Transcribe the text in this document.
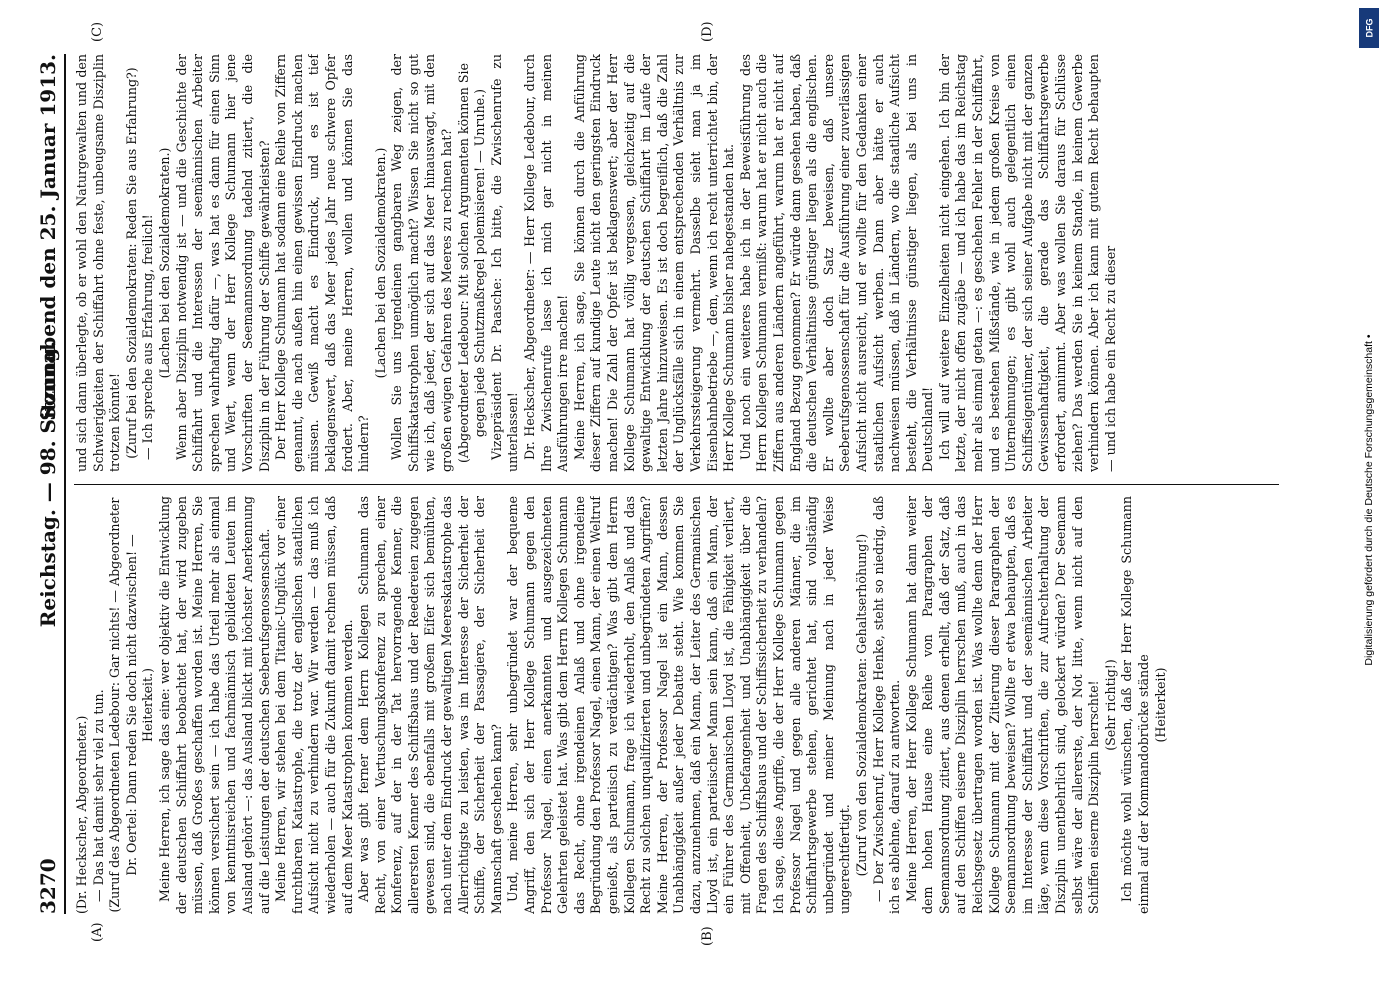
3270
Reichstag. — 98. Sitzung.
Sonnabend den 25. Januar 1913.
(A)	(B)
(C)	(D)

(Dr. Heckscher, Abgeordneter.) — Das hat damit sehr viel zu tun. (Zuruf des Abgeordneten Ledebour: Gar nichts! — Abgeordneter Dr. Oertel: Dann reden Sie doch nicht dazwischen! — Heiterkeit.) Meine Herren, ich sage das eine: wer objektiv die Entwicklung der deutschen Schiffahrt beobachtet hat, der wird zugeben müssen, daß Großes geschaffen worden ist. Meine Herren, Sie können versichert sein — ich habe das Urteil mehr als einmal von kenntnisreichen und fachmännisch gebildeten Leuten im Ausland gehört —: das Ausland blickt mit höchster Anerkennung auf die Leistungen der deutschen Seeberufsgenossenschaft. Meine Herren, wir stehen bei dem Titanic-Unglück vor einer furchtbaren Katastrophe, die trotz der englischen staatlichen Aufsicht nicht zu verhindern war. Wir werden — das muß ich wiederholen — auch für die Zukunft damit rechnen müssen, daß auf dem Meer Katastrophen kommen werden. Aber was gibt ferner dem Herrn Kollegen Schumann das Recht, von einer Vertuschungskonferenz zu sprechen, einer Konferenz, auf der in der Tat hervorragende Kenner, die allerersten Kenner des Schiffsbaus und der Reedereien zugegen gewesen sind, die ebenfalls mit großem Eifer sich bemühten, nach unter dem Eindruck der gewaltigen Meereskatastrophe das Allerrichtigste zu leisten, was im Interesse der Sicherheit der Schiffe, der Sicherheit der Passagiere, der Sicherheit der Mannschaft geschehen kann? Und, meine Herren, sehr unbegründet war der bequeme Angriff, den sich der Herr Kollege Schumann gegen den Professor Nagel, einen anerkannten und ausgezeichneten Gelehrten geleistet hat. Was gibt dem Herrn Kollegen Schumann das Recht, ohne irgendeinen Anlaß und ohne irgendeine Begründung den Professor Nagel, einen Mann, der einen Weltruf genießt, als parteiisch zu verdächtigen? Was gibt dem Herrn Kollegen Schumann, frage ich wiederholt, den Anlaß und das Recht zu solchen unqualifizierten und unbegründeten Angriffen? Meine Herren, der Professor Nagel ist ein Mann, dessen Unabhängigkeit außer jeder Debatte steht. Wie kommen Sie dazu, anzunehmen, daß ein Mann, der Leiter des Germanischen Lloyd ist, ein parteiischer Mann sein kann, daß ein Mann, der ein Führer des Germanischen Lloyd ist, die Fähigkeit verliert, mit Offenheit, Unbefangenheit und Unabhängigkeit über die Fragen des Schiffsbaus und der Schiffssicherheit zu verhandeln? Ich sage, diese Angriffe, die der Herr Kollege Schumann gegen Professor Nagel und gegen alle anderen Männer, die im Schiffahrtsgewerbe stehen, gerichtet hat, sind vollständig unbegründet und meiner Meinung nach in jeder Weise ungerechtfertigt. (Zuruf von den Sozialdemokraten: Gehaltserhöhung!) — Der Zwischenruf, Herr Kollege Henke, steht so niedrig, daß ich es ablehne, darauf zu antworten. Meine Herren, der Herr Kollege Schumann hat dann weiter dem hohen Hause eine Reihe von Paragraphen der Seemannsordnung zitiert, aus denen erhellt, daß der Satz, daß auf den Schiffen eiserne Disziplin herrschen muß, auch in das Reichsgesetz übertragen worden ist. Was wollte denn der Herr Kollege Schumann mit der Zitierung dieser Paragraphen der Seemannsordnung beweisen? Wollte er etwa behaupten, daß es im Interesse der Schiffahrt und der seemännischen Arbeiter läge, wenn diese Vorschriften, die zur Aufrechterhaltung der Disziplin unentbehrlich sind, gelockert würden? Der Seemann selbst wäre der allererste, der Not litte, wenn nicht auf den Schiffen eiserne Disziplin herrschte! (Sehr richtig!) Ich möchte wohl wünschen, daß der Herr Kollege Schumann einmal auf der Kommandobrücke stände (Heiterkeit)

und sich dann überlegte, ob er wohl den Naturgewalten und den Schwierigkeiten der Schiffahrt ohne feste, unbeugsame Disziplin trotzen könnte! (Zuruf bei den Sozialdemokraten: Reden Sie aus Erfahrung?) — Ich spreche aus Erfahrung, freilich! (Lachen bei den Sozialdemokraten.) Wenn aber Disziplin notwendig ist — und die Geschichte der Schiffahrt und die Interessen der seemännischen Arbeiter sprechen wahrhaftig dafür —, was hat es dann für einen Sinn und Wert, wenn der Herr Kollege Schumann hier jene Vorschriften der Seemannsordnung tadelnd zitiert, die die Disziplin in der Führung der Schiffe gewährleisten? Der Herr Kollege Schumann hat sodann eine Reihe von Ziffern genannt, die nach außen hin einen gewissen Eindruck machen müssen. Gewiß macht es Eindruck, und es ist tief beklagenswert, daß das Meer jedes Jahr neue schwere Opfer fordert. Aber, meine Herren, wollen und können Sie das hindern?

(Lachen bei den Sozialdemokraten.) Wollen Sie uns irgendeinen gangbaren Weg zeigen, der Schiffskatastrophen unmöglich macht? Wissen Sie nicht so gut wie ich, daß jeder, der sich auf das Meer hinauswagt, mit den großen ewigen Gefahren des Meeres zu rechnen hat? (Abgeordneter Ledebour: Mit solchen Argumenten können Sie gegen jede Schutzmaßregel polemisieren! — Unruhe.) Vizepräsident Dr. Paasche: Ich bitte, die Zwischenrufe zu unterlassen! Dr. Heckscher, Abgeordneter: — Herr Kollege Ledebour, durch Ihre Zwischenrufe lasse ich mich gar nicht in meinen Ausführungen irre machen! Meine Herren, ich sage, Sie können durch die Anführung dieser Ziffern auf kundige Leute nicht den geringsten Eindruck machen! Die Zahl der Opfer ist beklagenswert; aber der Herr Kollege Schumann hat völlig vergessen, gleichzeitig auf die gewaltige Entwicklung der deutschen Schiffahrt im Laufe der letzten Jahre hinzuweisen. Es ist doch begreiflich, daß die Zahl der Unglücksfälle sich in einem entsprechenden Verhältnis zur Verkehrssteigerung vermehrt. Dasselbe sieht man ja im Eisenbahnbetriebe —, dem, wenn ich recht unterrichtet bin, der Herr Kollege Schumann bisher nahegestanden hat. Und noch ein weiteres habe ich in der Beweisführung des Herrn Kollegen Schumann vermißt: warum hat er nicht auch die Ziffern aus anderen Ländern angeführt, warum hat er nicht auf England Bezug genommen? Er würde dann gesehen haben, daß die deutschen Verhältnisse günstiger liegen als die englischen. Er wollte aber doch Satz beweisen, daß unsere Seeberufsgenossenschaft für die Ausführung einer zuverlässigen Aufsicht nicht ausreicht, und er wollte für den Gedanken einer staatlichen Aufsicht werben. Dann aber hätte er auch nachweisen müssen, daß in Ländern, wo die staatliche Aufsicht besteht, die Verhältnisse günstiger liegen, als bei uns in Deutschland! Ich will auf weitere Einzelheiten nicht eingehen. Ich bin der letzte, der nicht offen zugäbe — und ich habe das im Reichstag mehr als einmal getan —: es geschehen Fehler in der Schiffahrt, und es bestehen Mißstände, wie in jedem großen Kreise von Unternehmungen; es gibt wohl auch gelegentlich einen Schiffseigentümer, der sich seiner Aufgabe nicht mit der ganzen Gewissenhaftigkeit, die gerade das Schiffahrtsgewerbe erfordert, annimmt. Aber was wollen Sie daraus für Schlüsse ziehen? Das werden Sie in keinem Stande, in keinem Gewerbe verhindern können. Aber ich kann mit gutem Recht behaupten — und ich habe ein Recht zu dieser

DFG
Digitalisierung gefördert durch die Deutsche Forschungsgemeinschaft •
